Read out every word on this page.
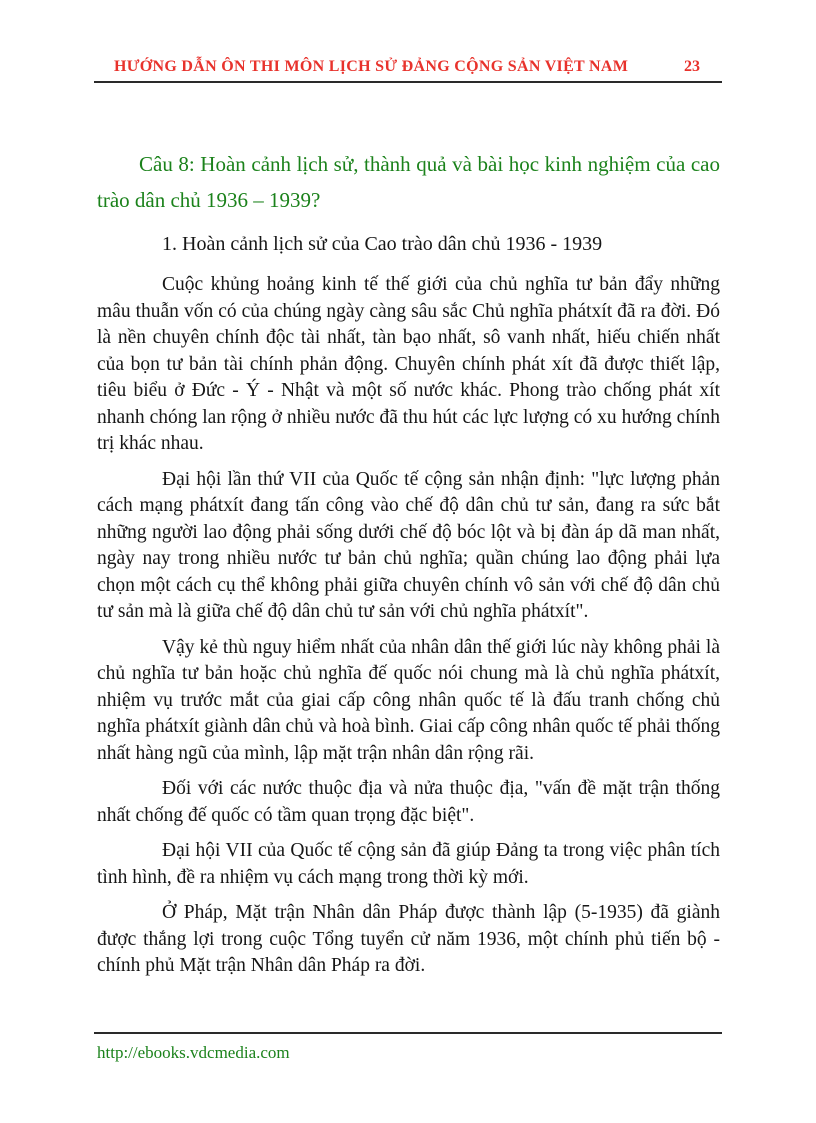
HƯỚNG DẪN ÔN THI MÔN LỊCH SỬ ĐẢNG CỘNG SẢN VIỆT NAM	23

Câu 8: Hoàn cảnh lịch sử, thành quả và bài học kinh nghiệm của cao trào dân chủ 1936 – 1939?

1. Hoàn cảnh lịch sử của Cao trào dân chủ 1936 - 1939

Cuộc khủng hoảng kinh tế thế giới của chủ nghĩa tư bản đẩy những mâu thuẫn vốn có của chúng ngày càng sâu sắc Chủ nghĩa phátxít đã ra đời. Đó là nền chuyên chính độc tài nhất, tàn bạo nhất, sô vanh nhất, hiếu chiến nhất của bọn tư bản tài chính phản động. Chuyên chính phát xít đã được thiết lập, tiêu biểu ở Đức - Ý - Nhật và một số nước khác. Phong trào chống phát xít nhanh chóng lan rộng ở nhiều nước đã thu hút các lực lượng có xu hướng chính trị khác nhau.

Đại hội lần thứ VII của Quốc tế cộng sản nhận định: "lực lượng phản cách mạng phátxít đang tấn công vào chế độ dân chủ tư sản, đang ra sức bắt những người lao động phải sống dưới chế độ bóc lột và bị đàn áp dã man nhất, ngày nay trong nhiều nước tư bản chủ nghĩa; quần chúng lao động phải lựa chọn một cách cụ thể không phải giữa chuyên chính vô sản với chế độ dân chủ tư sản mà là giữa chế độ dân chủ tư sản với chủ nghĩa phátxít".

Vậy kẻ thù nguy hiểm nhất của nhân dân thế giới lúc này không phải là chủ nghĩa tư bản hoặc chủ nghĩa đế quốc nói chung mà là chủ nghĩa phátxít, nhiệm vụ trước mắt của giai cấp công nhân quốc tế là đấu tranh chống chủ nghĩa phátxít giành dân chủ và hoà bình. Giai cấp công nhân quốc tế phải thống nhất hàng ngũ của mình, lập mặt trận nhân dân rộng rãi.

Đối với các nước thuộc địa và nửa thuộc địa, "vấn đề mặt trận thống nhất chống đế quốc có tầm quan trọng đặc biệt".

Đại hội VII của Quốc tế cộng sản đã giúp Đảng ta trong việc phân tích tình hình, đề ra nhiệm vụ cách mạng trong thời kỳ mới.

Ở Pháp, Mặt trận Nhân dân Pháp được thành lập (5-1935) đã giành được thắng lợi trong cuộc Tổng tuyển cử năm 1936, một chính phủ tiến bộ - chính phủ Mặt trận Nhân dân Pháp ra đời.

http://ebooks.vdcmedia.com
